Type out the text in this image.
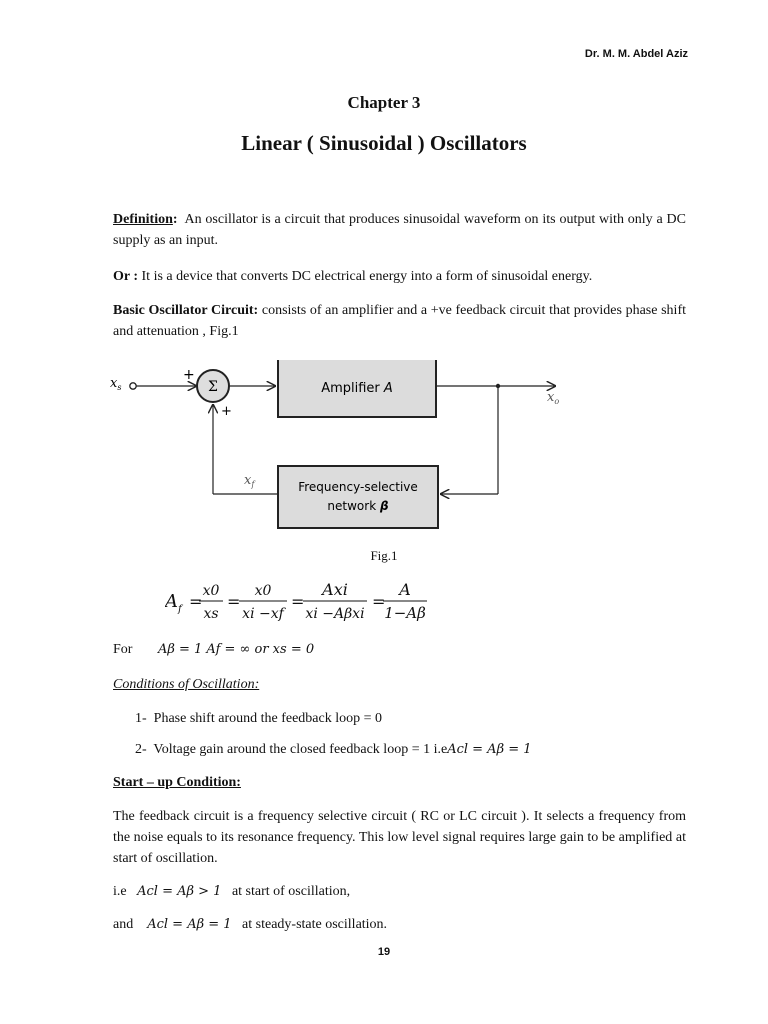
Dr. M. M. Abdel Aziz
Chapter 3
Linear ( Sinusoidal ) Oscillators
Definition: An oscillator is a circuit that produces sinusoidal waveform on its output with only a DC supply as an input.
Or : It is a device that converts DC electrical energy into a form of sinusoidal energy.
Basic Oscillator Circuit: consists of an amplifier and a +ve feedback circuit that provides phase shift and attenuation , Fig.1
$x_s$	Σ
+
+
Amplifier A
$x_o$
Frequency-selective
network β
$x_f$
Fig.1
$A_f$ =
x0
xs
=
x0
xi −xf
=
Axi
xi −Aβxi
=
A
1−Aβ
For Aβ = 1 Af = ∞ or xs = 0
Conditions of Oscillation:
1- Phase shift around the feedback loop = 0
2- Voltage gain around the closed feedback loop = 1 i.eAcl = Aβ = 1
Start – up Condition:
The feedback circuit is a frequency selective circuit ( RC or LC circuit ). It selects a frequency from the noise equals to its resonance frequency. This low level signal requires large gain to be amplified at start of oscillation.
i.e Acl = Aβ > 1 at start of oscillation,
and Acl = Aβ = 1 at steady-state oscillation.
19
